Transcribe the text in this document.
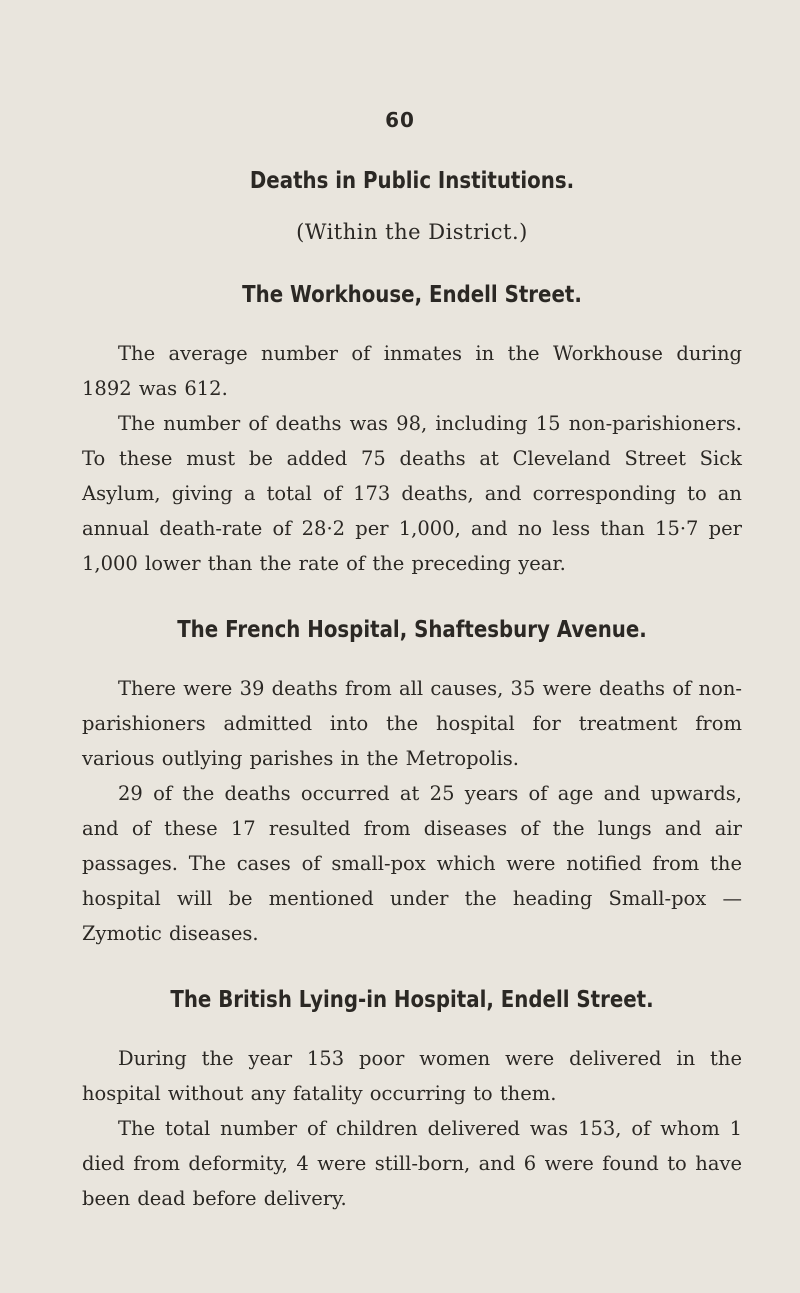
60
Deaths in Public Institutions.
(Within the District.)
The Workhouse, Endell Street.

The average number of inmates in the Workhouse during 1892 was 612.

The number of deaths was 98, including 15 non-parishioners. To these must be added 75 deaths at Cleveland Street Sick Asylum, giving a total of 173 deaths, and corresponding to an annual death-rate of 28·2 per 1,000, and no less than 15·7 per 1,000 lower than the rate of the preceding year.

The French Hospital, Shaftesbury Avenue.

There were 39 deaths from all causes, 35 were deaths of non-parishioners admitted into the hospital for treatment from various outlying parishes in the Metropolis.

29 of the deaths occurred at 25 years of age and upwards, and of these 17 resulted from diseases of the lungs and air passages. The cases of small-pox which were notified from the hospital will be mentioned under the heading Small-pox — Zymotic diseases.

The British Lying-in Hospital, Endell Street.

During the year 153 poor women were delivered in the hospital without any fatality occurring to them.

The total number of children delivered was 153, of whom 1 died from deformity, 4 were still-born, and 6 were found to have been dead before delivery.
